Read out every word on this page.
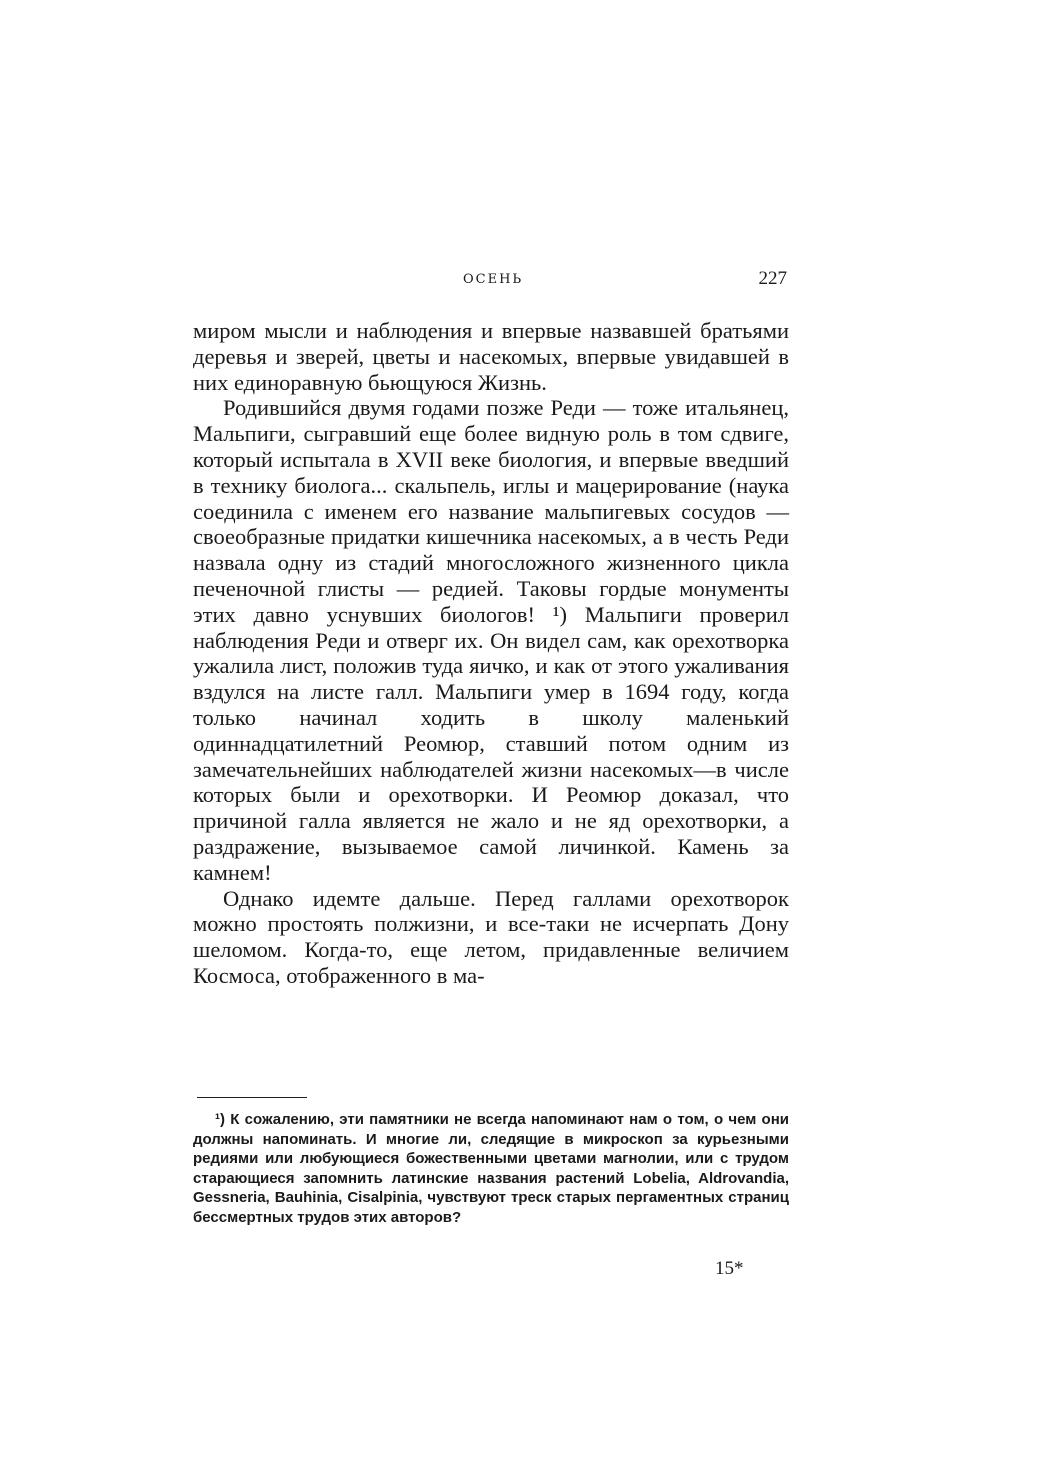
ОСЕНЬ	227

миром мысли и наблюдения и впервые назвавшей братьями деревья и зверей, цветы и насекомых, впервые увидавшей в них единоравную бьющуюся Жизнь.

Родившийся двумя годами позже Реди — тоже итальянец, Мальпиги, сыгравший еще более видную роль в том сдвиге, который испытала в XVII веке биология, и впервые введший в технику биолога... скальпель, иглы и мацерирование (наука соединила с именем его название мальпигевых сосудов — своеобразные придатки кишечника насекомых, а в честь Реди назвала одну из стадий многосложного жизненного цикла печеночной глисты — редией. Таковы гордые монументы этих давно уснувших биологов! ¹) Мальпиги проверил наблюдения Реди и отверг их. Он видел сам, как орехотворка ужалила лист, положив туда яичко, и как от этого ужаливания вздулся на листе галл. Мальпиги умер в 1694 году, когда только начинал ходить в школу маленький одиннадцатилетний Реомюр, ставший потом одним из замечательнейших наблюдателей жизни насекомых—в числе которых были и орехотворки. И Реомюр доказал, что причиной галла является не жало и не яд орехотворки, а раздражение, вызываемое самой личинкой. Камень за камнем!

Однако идемте дальше. Перед галлами орехотворок можно простоять полжизни, и все-таки не исчерпать Дону шеломом. Когда-то, еще летом, придавленные величием Космоса, отображенного в ма-

¹) К сожалению, эти памятники не всегда напоминают нам о том, о чем они должны напоминать. И многие ли, следящие в микроскоп за курьезными редиями или любующиеся божественными цветами магнолии, или с трудом старающиеся запомнить латинские названия растений Lobelia, Aldrovandia, Gessneria, Bauhinia, Cisalpinia, чувствуют треск старых пергаментных страниц бессмертных трудов этих авторов?

15*
